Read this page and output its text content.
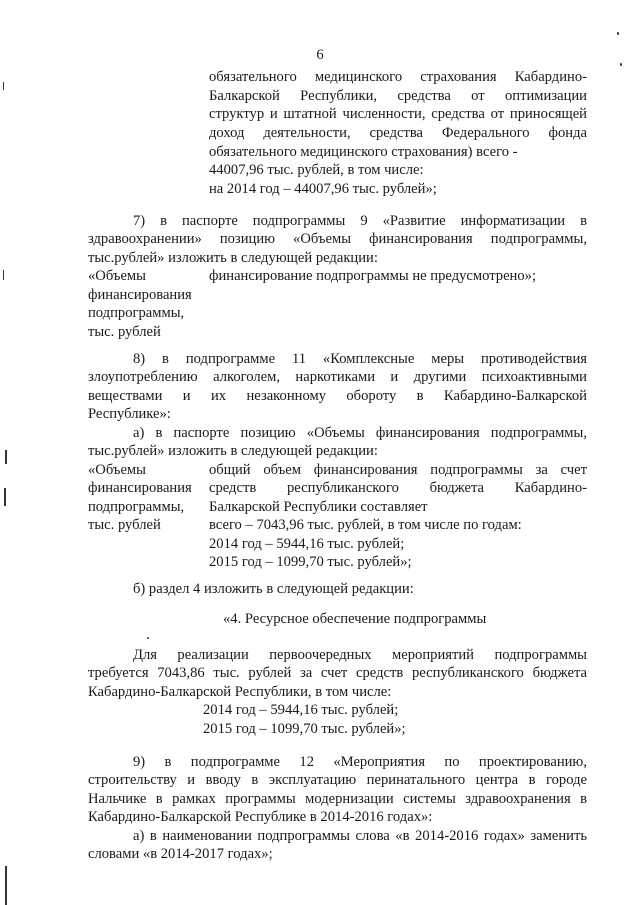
6
обязательного медицинского страхования Кабардино-
Балкарской Республики, средства от оптимизации
структур и штатной численности, средства от приносящей
доход деятельности, средства Федерального фонда
обязательного медицинского страхования) всего -
44007,96 тыс. рублей, в том числе:
на 2014 год – 44007,96 тыс. рублей»;
7) в паспорте подпрограммы 9 «Развитие информатизации в
здравоохранении» позицию «Объемы финансирования подпрограммы,
тыс.рублей» изложить в следующей редакции:
«Объемы
финансирования
подпрограммы,
тыс. рублей
финансирование подпрограммы не предусмотрено»;
8) в подпрограмме 11 «Комплексные меры противодействия
злоупотреблению алкоголем, наркотиками и другими психоактивными
веществами и их незаконному обороту в Кабардино-Балкарской
Республике»:
а) в паспорте позицию «Объемы финансирования подпрограммы,
тыс.рублей» изложить в следующей редакции:
«Объемы
финансирования
подпрограммы,
тыс. рублей
общий объем финансирования подпрограммы за счет
средств республиканского бюджета Кабардино-
Балкарской Республики составляет
всего – 7043,96 тыс. рублей, в том числе по годам:
2014 год – 5944,16 тыс. рублей;
2015 год – 1099,70 тыс. рублей»;
б) раздел 4 изложить в следующей редакции:
«4. Ресурсное обеспечение подпрограммы
Для реализации первоочередных мероприятий подпрограммы
требуется 7043,86 тыс. рублей за счет средств республиканского бюджета
Кабардино-Балкарской Республики, в том числе:
2014 год – 5944,16 тыс. рублей;
2015 год – 1099,70 тыс. рублей»;
9) в подпрограмме 12 «Мероприятия по проектированию,
строительству и вводу в эксплуатацию перинатального центра в городе
Нальчике в рамках программы модернизации системы здравоохранения в
Кабардино-Балкарской Республике в 2014-2016 годах»:
а) в наименовании подпрограммы слова «в 2014-2016 годах» заменить
словами «в 2014-2017 годах»;
